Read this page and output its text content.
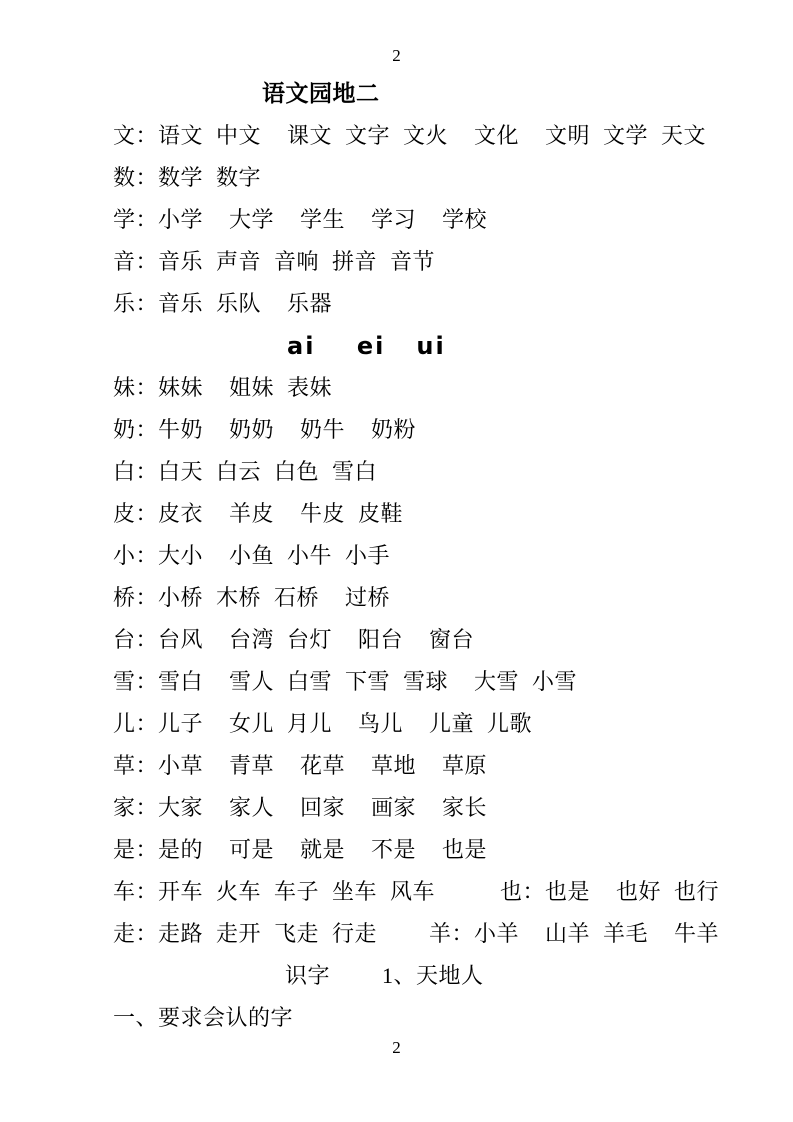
2
语文园地二
文：语文 中文  课文 文字 文火  文化  文明 文学 天文
数：数学 数字
学：小学  大学  学生  学习  学校
音：音乐 声音 音响 拼音 音节
乐：音乐 乐队  乐器
ai    ei   ui
妹：妹妹  姐妹 表妹
奶：牛奶  奶奶  奶牛  奶粉
白：白天 白云 白色 雪白
皮：皮衣  羊皮  牛皮 皮鞋
小：大小  小鱼 小牛 小手
桥：小桥 木桥 石桥  过桥
台：台风  台湾 台灯  阳台  窗台
雪：雪白  雪人 白雪 下雪 雪球  大雪 小雪
儿：儿子  女儿 月儿  鸟儿  儿童 儿歌
草：小草  青草  花草  草地  草原
家：大家  家人  回家  画家  家长
是：是的  可是  就是  不是  也是
车：开车 火车 车子 坐车 风车     也：也是  也好 也行
走：走路 走开 飞走 行走    羊：小羊  山羊 羊毛  牛羊
识字    1、天地人
一、要求会认的字
2
